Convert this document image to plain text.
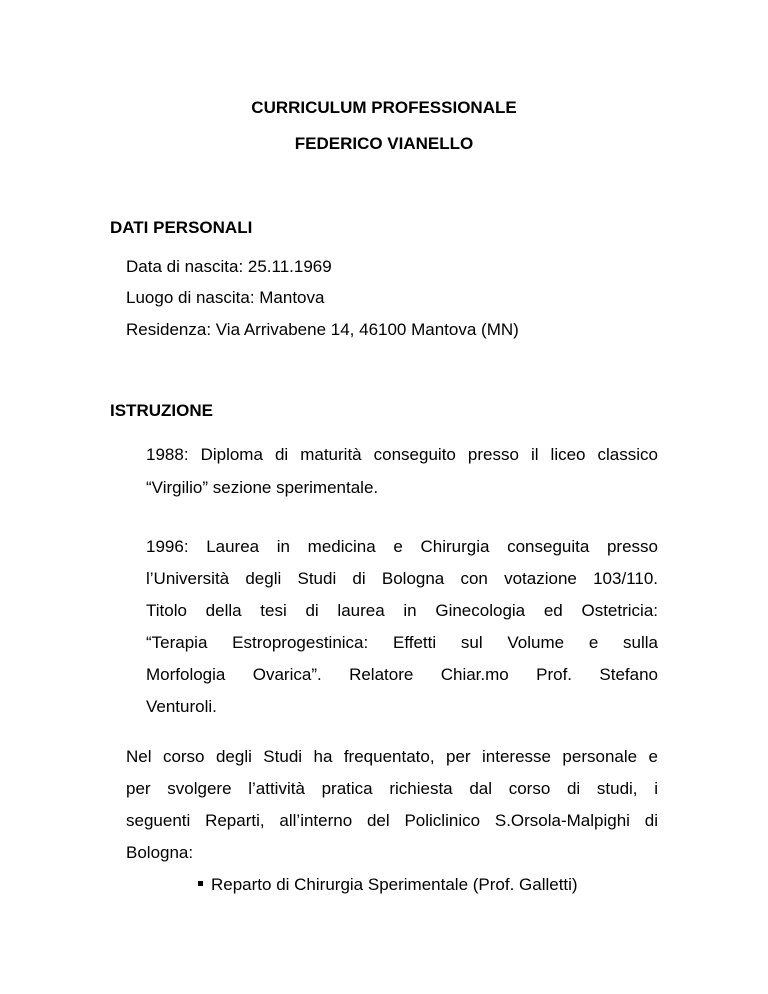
CURRICULUM PROFESSIONALE
FEDERICO VIANELLO
DATI PERSONALI
Data di nascita: 25.11.1969
Luogo di nascita: Mantova
Residenza: Via Arrivabene 14, 46100 Mantova (MN)
ISTRUZIONE
1988: Diploma di maturità conseguito presso il liceo classico
“Virgilio” sezione sperimentale.
1996: Laurea in medicina e Chirurgia conseguita presso
l’Università degli Studi di Bologna con votazione 103/110.
Titolo della tesi di laurea in Ginecologia ed Ostetricia:
“Terapia Estroprogestinica: Effetti sul Volume e sulla
Morfologia Ovarica”. Relatore Chiar.mo Prof. Stefano
Venturoli.
Nel corso degli Studi ha frequentato, per interesse personale e
per svolgere l’attività pratica richiesta dal corso di studi, i
seguenti Reparti, all’interno del Policlinico S.Orsola-Malpighi di
Bologna:
Reparto di Chirurgia Sperimentale (Prof. Galletti)
